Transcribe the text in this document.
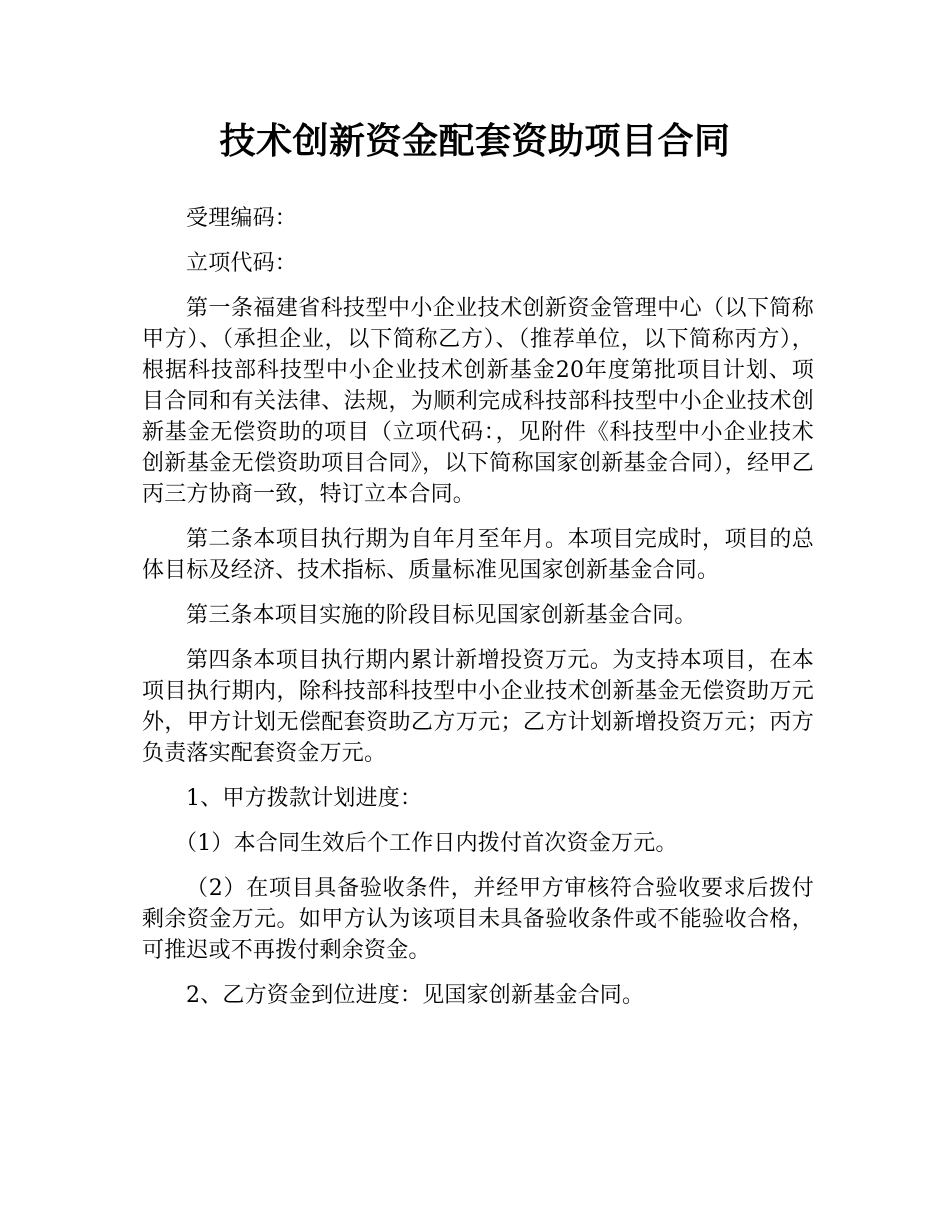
技术创新资金配套资助项目合同

受理编码：

立项代码：

第一条福建省科技型中小企业技术创新资金管理中心（以下简称甲方）、（承担企业，以下简称乙方）、（推荐单位，以下简称丙方），根据科技部科技型中小企业技术创新基金20年度第批项目计划、项目合同和有关法律、法规，为顺利完成科技部科技型中小企业技术创新基金无偿资助的项目（立项代码：，见附件《科技型中小企业技术创新基金无偿资助项目合同》，以下简称国家创新基金合同），经甲乙丙三方协商一致，特订立本合同。

第二条本项目执行期为自年月至年月。本项目完成时，项目的总体目标及经济、技术指标、质量标准见国家创新基金合同。

第三条本项目实施的阶段目标见国家创新基金合同。

第四条本项目执行期内累计新增投资万元。为支持本项目，在本项目执行期内，除科技部科技型中小企业技术创新基金无偿资助万元外，甲方计划无偿配套资助乙方万元；乙方计划新增投资万元；丙方负责落实配套资金万元。

1、甲方拨款计划进度：

（1）本合同生效后个工作日内拨付首次资金万元。

（2）在项目具备验收条件，并经甲方审核符合验收要求后拨付剩余资金万元。如甲方认为该项目未具备验收条件或不能验收合格，可推迟或不再拨付剩余资金。

2、乙方资金到位进度：见国家创新基金合同。
